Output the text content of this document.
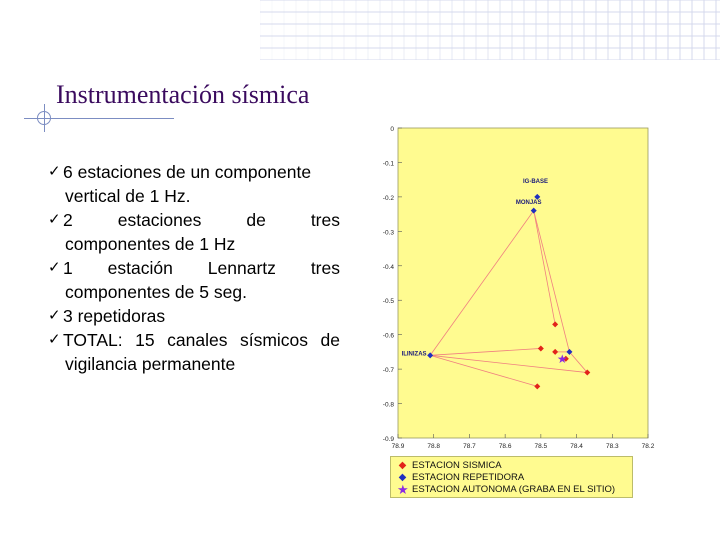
Instrumentación sísmica
✓ 6 estaciones de un componente
vertical de 1 Hz.
✓ 2 estaciones de tres
componentes de 1 Hz
✓ 1 estación Lennartz tres
componentes de 5 seg.
✓ 3 repetidoras
✓ TOTAL: 15 canales sísmicos de
vigilancia permanente
0
-0.1
-0.2
-0.3
-0.4
-0.5
-0.6
-0.7
-0.8
-0.9
78.9	78.8	78.7	78.6	78.5	78.4	78.3	78.2
IG-BASE
MONJAS
ILINIZAS	★
◆ ESTACION SISMICA
◆ ESTACION REPETIDORA
★ ESTACION AUTONOMA (GRABA EN EL SITIO)
